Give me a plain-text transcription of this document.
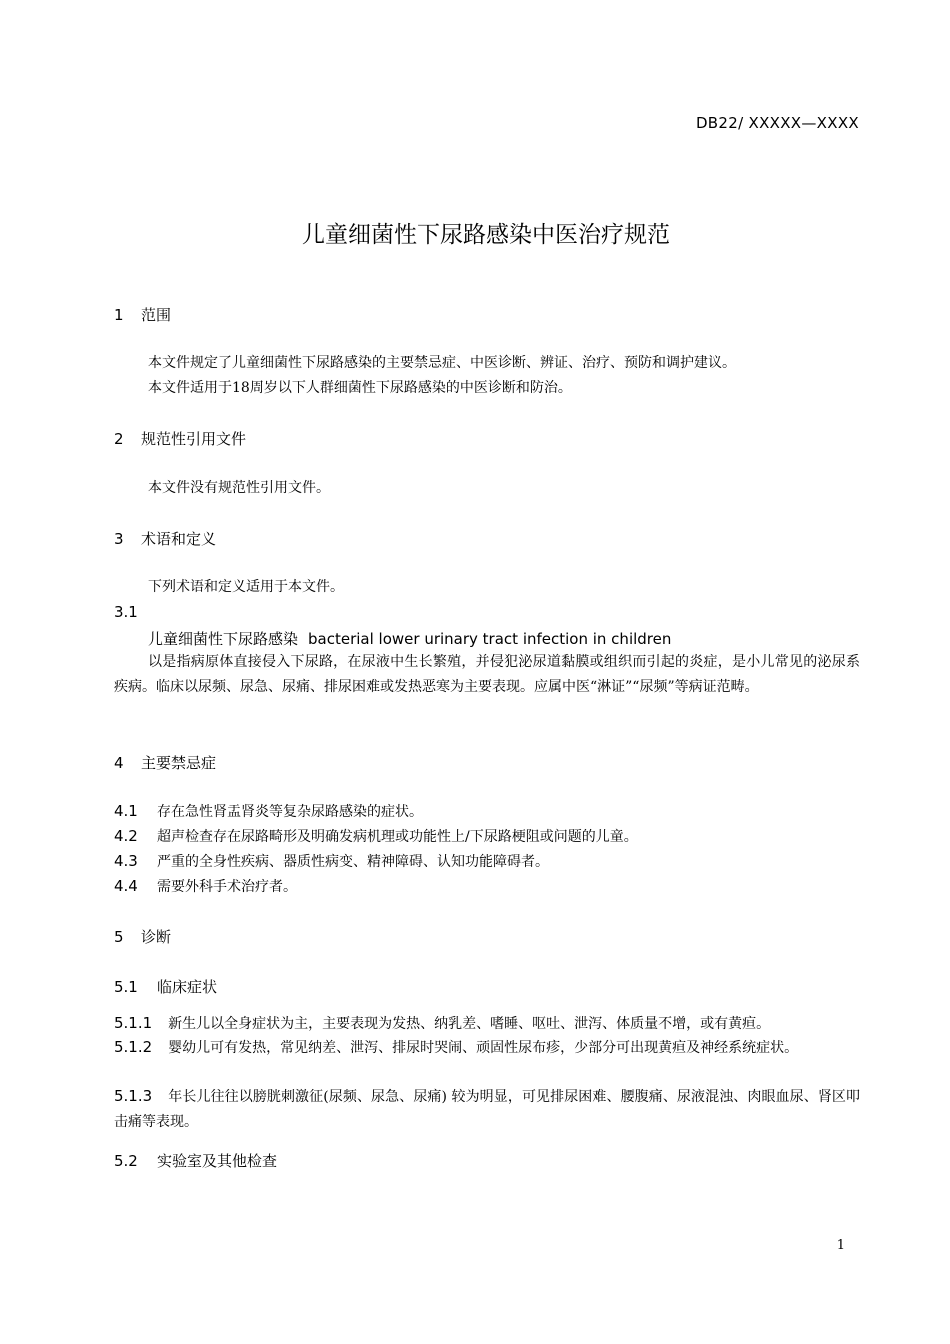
DB22/ XXXXX—XXXX
儿童细菌性下尿路感染中医治疗规范
1 范围
本文件规定了儿童细菌性下尿路感染的主要禁忌症、中医诊断、辨证、治疗、预防和调护建议。
本文件适用于18周岁以下人群细菌性下尿路感染的中医诊断和防治。
2 规范性引用文件
本文件没有规范性引用文件。
3 术语和定义
下列术语和定义适用于本文件。
3.1
儿童细菌性下尿路感染 bacterial lower urinary tract infection in children
以是指病原体直接侵入下尿路，在尿液中生长繁殖，并侵犯泌尿道黏膜或组织而引起的炎症，是小儿常见的泌尿系疾病。临床以尿频、尿急、尿痛、排尿困难或发热恶寒为主要表现。应属中医“淋证”“尿频”等病证范畴。
4 主要禁忌症
4.1 存在急性肾盂肾炎等复杂尿路感染的症状。
4.2 超声检查存在尿路畸形及明确发病机理或功能性上/下尿路梗阻或问题的儿童。
4.3 严重的全身性疾病、器质性病变、精神障碍、认知功能障碍者。
4.4 需要外科手术治疗者。
5 诊断
5.1 临床症状
5.1.1 新生儿以全身症状为主，主要表现为发热、纳乳差、嗜睡、呕吐、泄泻、体质量不增，或有黄疸。
5.1.2 婴幼儿可有发热，常见纳差、泄泻、排尿时哭闹、顽固性尿布疹，少部分可出现黄疸及神经系统症状。
5.1.3 年长儿往往以膀胱刺激征(尿频、尿急、尿痛) 较为明显，可见排尿困难、腰腹痛、尿液混浊、肉眼血尿、肾区叩击痛等表现。
5.2 实验室及其他检查
1
